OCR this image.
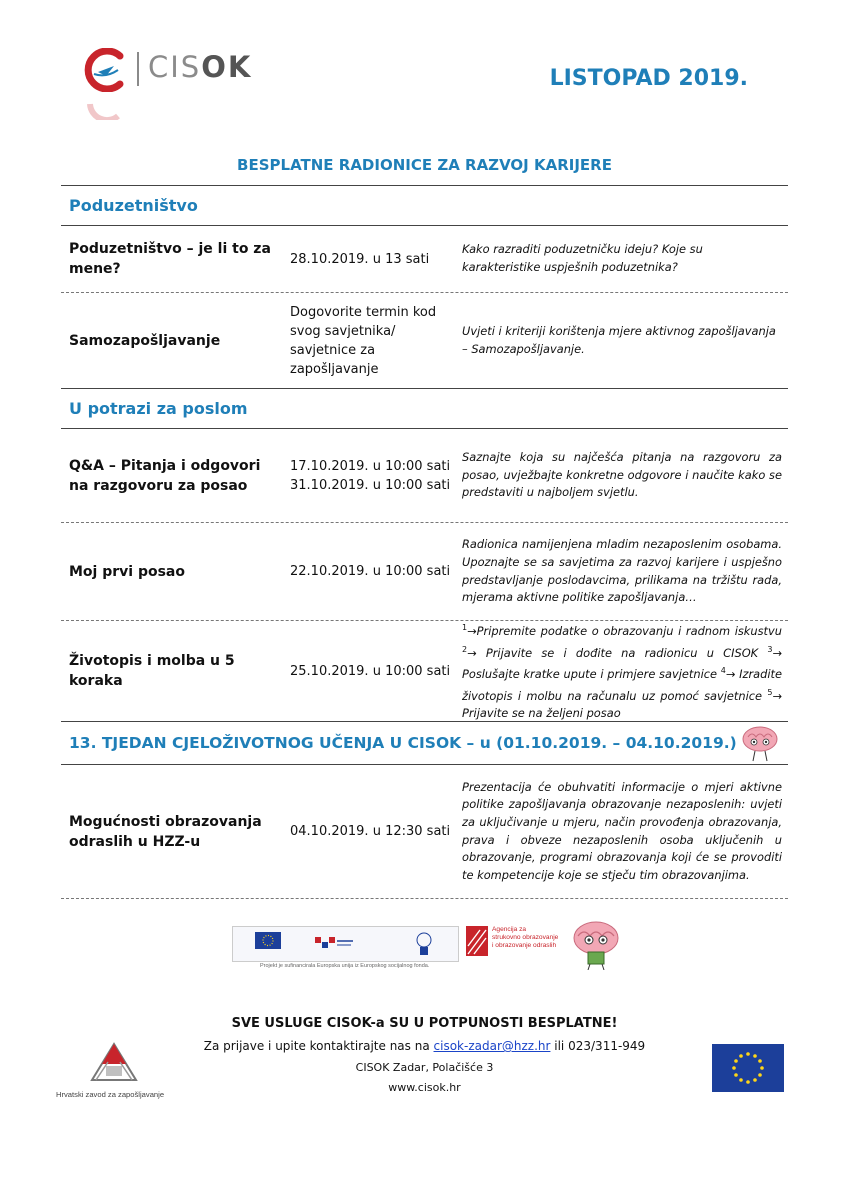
CISOK	LISTOPAD 2019.
BESPLATNE RADIONICE ZA RAZVOJ KARIJERE
Poduzetništvo
Poduzetništvo – je li to za mene?
28.10.2019. u 13 sati
Kako razraditi poduzetničku ideju? Koje su karakteristike uspješnih poduzetnika?
Samozapošljavanje
Dogovorite termin kod svog savjetnika/ savjetnice za zapošljavanje
Uvjeti i kriteriji korištenja mjere aktivnog zapošljavanja – Samozapošljavanje.
U potrazi za poslom
Q&A – Pitanja i odgovori na razgovoru za posao
17.10.2019. u 10:00 sati
31.10.2019. u 10:00 sati
Saznajte koja su najčešća pitanja na razgovoru za posao, uvježbajte konkretne odgovore i naučite kako se predstaviti u najboljem svjetlu.
Moj prvi posao	22.10.2019. u 10:00 sati
Radionica namijenjena mladim nezaposlenim osobama. Upoznajte se sa savjetima za razvoj karijere i uspješno predstavljanje poslodavcima, prilikama na tržištu rada, mjerama aktivne politike zapošljavanja…
Životopis i molba u 5 koraka
25.10.2019. u 10:00 sati
$^1$→Pripremite podatke o obrazovanju i radnom iskustvu $^2$→ Prijavite se i dođite na radionicu u CISOK $^3$→ Poslušajte kratke upute i primjere savjetnice $^4$→ Izradite životopis i molbu na računalu uz pomoć savjetnice $^5$→ Prijavite se na željeni posao
13. TJEDAN CJELOŽIVOTNOG UČENJA U CISOK – u (01.10.2019. – 04.10.2019.)
Mogućnosti obrazovanja odraslih u HZZ-u
04.10.2019. u 12:30 sati
Prezentacija će obuhvatiti informacije o mjeri aktivne politike zapošljavanja obrazovanje nezaposlenih: uvjeti za uključivanje u mjeru, način provođenja obrazovanja, prava i obveze nezaposlenih osoba uključenih u obrazovanje, programi obrazovanja koji će se provoditi te kompetencije koje se stječu tim obrazovanjima.
Projekt je sufinancirala Europska unija iz Europskog socijalnog fonda.
Agencija za
strukovno obrazovanje
i obrazovanje odraslih
SVE USLUGE CISOK-a SU U POTPUNOSTI BESPLATNE!
Za prijave i upite kontaktirajte nas na cisok-zadar@hzz.hr ili 023/311-949
CISOK Zadar, Polačišće 3
www.cisok.hr
Hrvatski zavod za zapošljavanje
